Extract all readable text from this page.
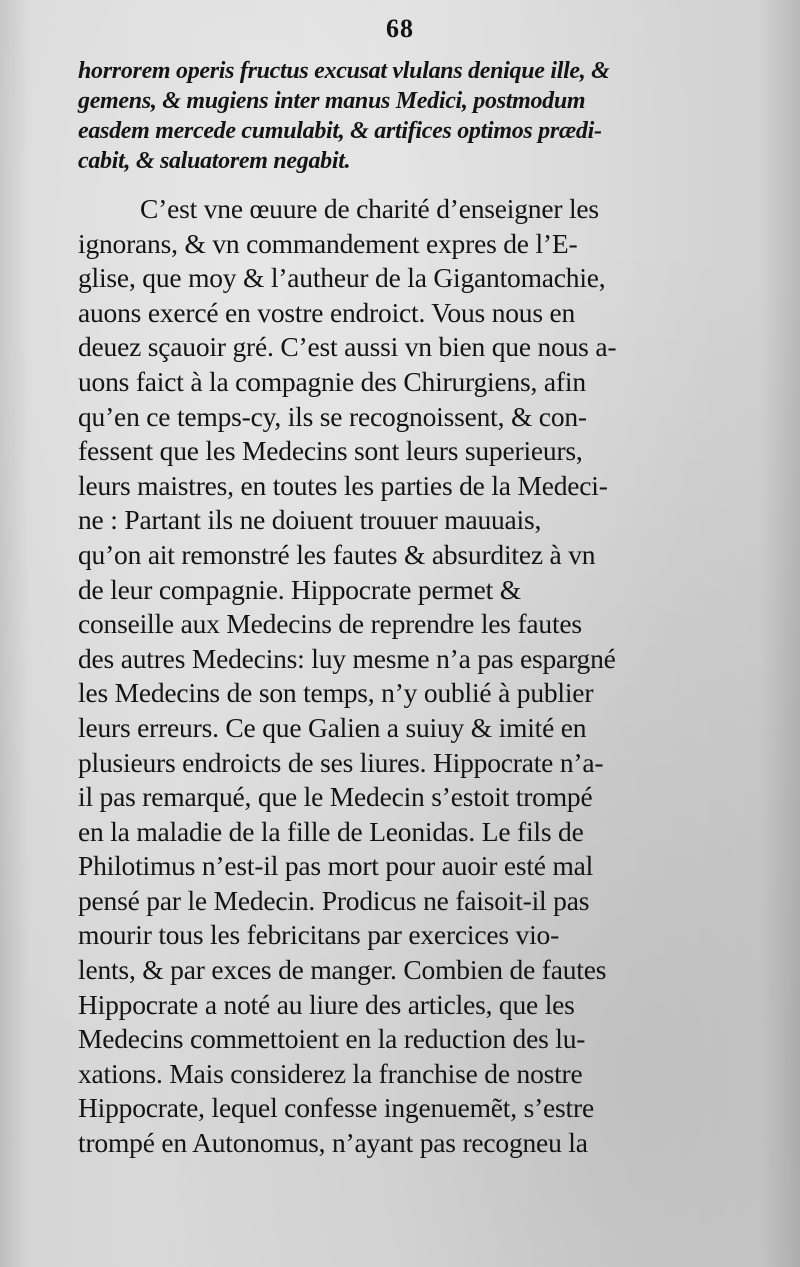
68
horrorem operis fructus excusat vlulans denique ille, &
gemens, & mugiens inter manus Medici, postmodum
easdem mercede cumulabit, & artifices optimos prædi-
cabit, & saluatorem negabit.
C’est vne œuure de charité d’enseigner les
ignorans, & vn commandement expres de l’E-
glise, que moy & l’autheur de la Gigantomachie,
auons exercé en vostre endroict. Vous nous en
deuez sçauoir gré. C’est aussi vn bien que nous a-
uons faict à la compagnie des Chirurgiens, afin
qu’en ce temps-cy, ils se recognoissent, & con-
fessent que les Medecins sont leurs superieurs,
leurs maistres, en toutes les parties de la Medeci-
ne : Partant ils ne doiuent trouuer mauuais,
qu’on ait remonstré les fautes & absurditez à vn
de leur compagnie. Hippocrate permet &
conseille aux Medecins de reprendre les fautes
des autres Medecins: luy mesme n’a pas espargné
les Medecins de son temps, n’y oublié à publier
leurs erreurs. Ce que Galien a suiuy & imité en
plusieurs endroicts de ses liures. Hippocrate n’a-
il pas remarqué, que le Medecin s’estoit trompé
en la maladie de la fille de Leonidas. Le fils de
Philotimus n’est-il pas mort pour auoir esté mal
pensé par le Medecin. Prodicus ne faisoit-il pas
mourir tous les febricitans par exercices vio-
lents, & par exces de manger. Combien de fautes
Hippocrate a noté au liure des articles, que les
Medecins commettoient en la reduction des lu-
xations. Mais considerez la franchise de nostre
Hippocrate, lequel confesse ingenuemẽt, s’estre
trompé en Autonomus, n’ayant pas recogneu la
